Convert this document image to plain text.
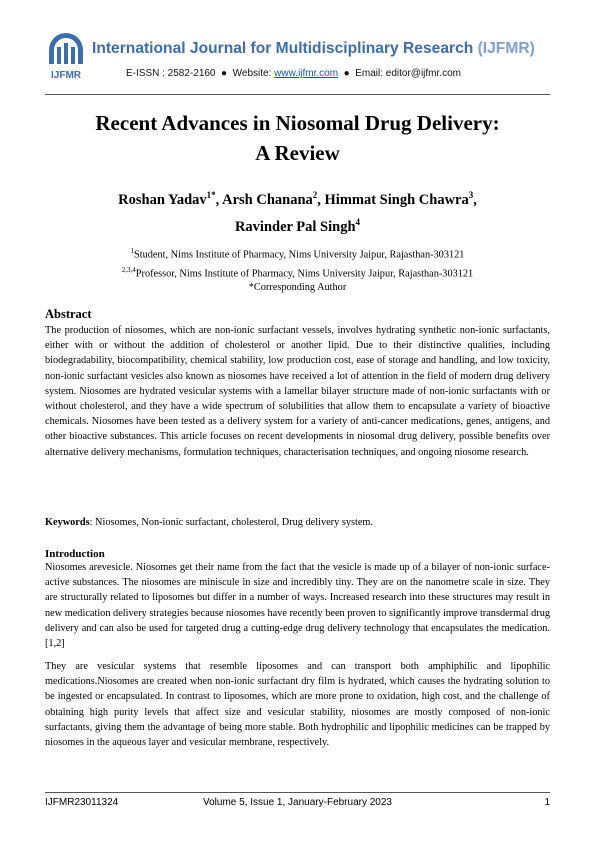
IJFMR
International Journal for Multidisciplinary Research (IJFMR)
E-ISSN : 2582-2160  ●  Website: www.ijfmr.com  ●  Email: editor@ijfmr.com
Recent Advances in Niosomal Drug Delivery:
A Review
Roshan Yadav$^{1*}$, Arsh Chanana$^2$, Himmat Singh Chawra$^3$,
Ravinder Pal Singh$^4$
$^1$Student, Nims Institute of Pharmacy, Nims University Jaipur, Rajasthan-303121
$^{2,3,4}$Professor, Nims Institute of Pharmacy, Nims University Jaipur, Rajasthan-303121
*Corresponding Author
Abstract
The production of niosomes, which are non-ionic surfactant vessels, involves hydrating synthetic non-ionic surfactants, either with or without the addition of cholesterol or another lipid. Due to their distinctive qualities, including biodegradability, biocompatibility, chemical stability, low production cost, ease of storage and handling, and low toxicity, non-ionic surfactant vesicles also known as niosomes have received a lot of attention in the field of modern drug delivery system. Niosomes are hydrated vesicular systems with a lamellar bilayer structure made of non-ionic surfactants with or without cholesterol, and they have a wide spectrum of solubilities that allow them to encapsulate a variety of bioactive chemicals. Niosomes have been tested as a delivery system for a variety of anti-cancer medications, genes, antigens, and other bioactive substances. This article focuses on recent developments in niosomal drug delivery, possible benefits over alternative delivery mechanisms, formulation techniques, characterisation techniques, and ongoing niosome research.
Keywords: Niosomes, Non-ionic surfactant, cholesterol, Drug delivery system.
Introduction
Niosomes arevesicle. Niosomes get their name from the fact that the vesicle is made up of a bilayer of non-ionic surface-active substances. The niosomes are miniscule in size and incredibly tiny. They are on the nanometre scale in size. They are structurally related to liposomes but differ in a number of ways. Increased research into these structures may result in new medication delivery strategies because niosomes have recently been proven to significantly improve transdermal drug delivery and can also be used for targeted drug a cutting-edge drug delivery technology that encapsulates the medication. [1,2]
They are vesicular systems that resemble liposomes and can transport both amphiphilic and lipophilic medications.Niosomes are created when non-ionic surfactant dry film is hydrated, which causes the hydrating solution to be ingested or encapsulated. In contrast to liposomes, which are more prone to oxidation, high cost, and the challenge of obtaining high purity levels that affect size and vesicular stability, niosomes are mostly composed of non-ionic surfactants, giving them the advantage of being more stable. Both hydrophilic and lipophilic medicines can be trapped by niosomes in the aqueous layer and vesicular membrane, respectively.
IJFMR23011324	Volume 5, Issue 1, January-February 2023	1
